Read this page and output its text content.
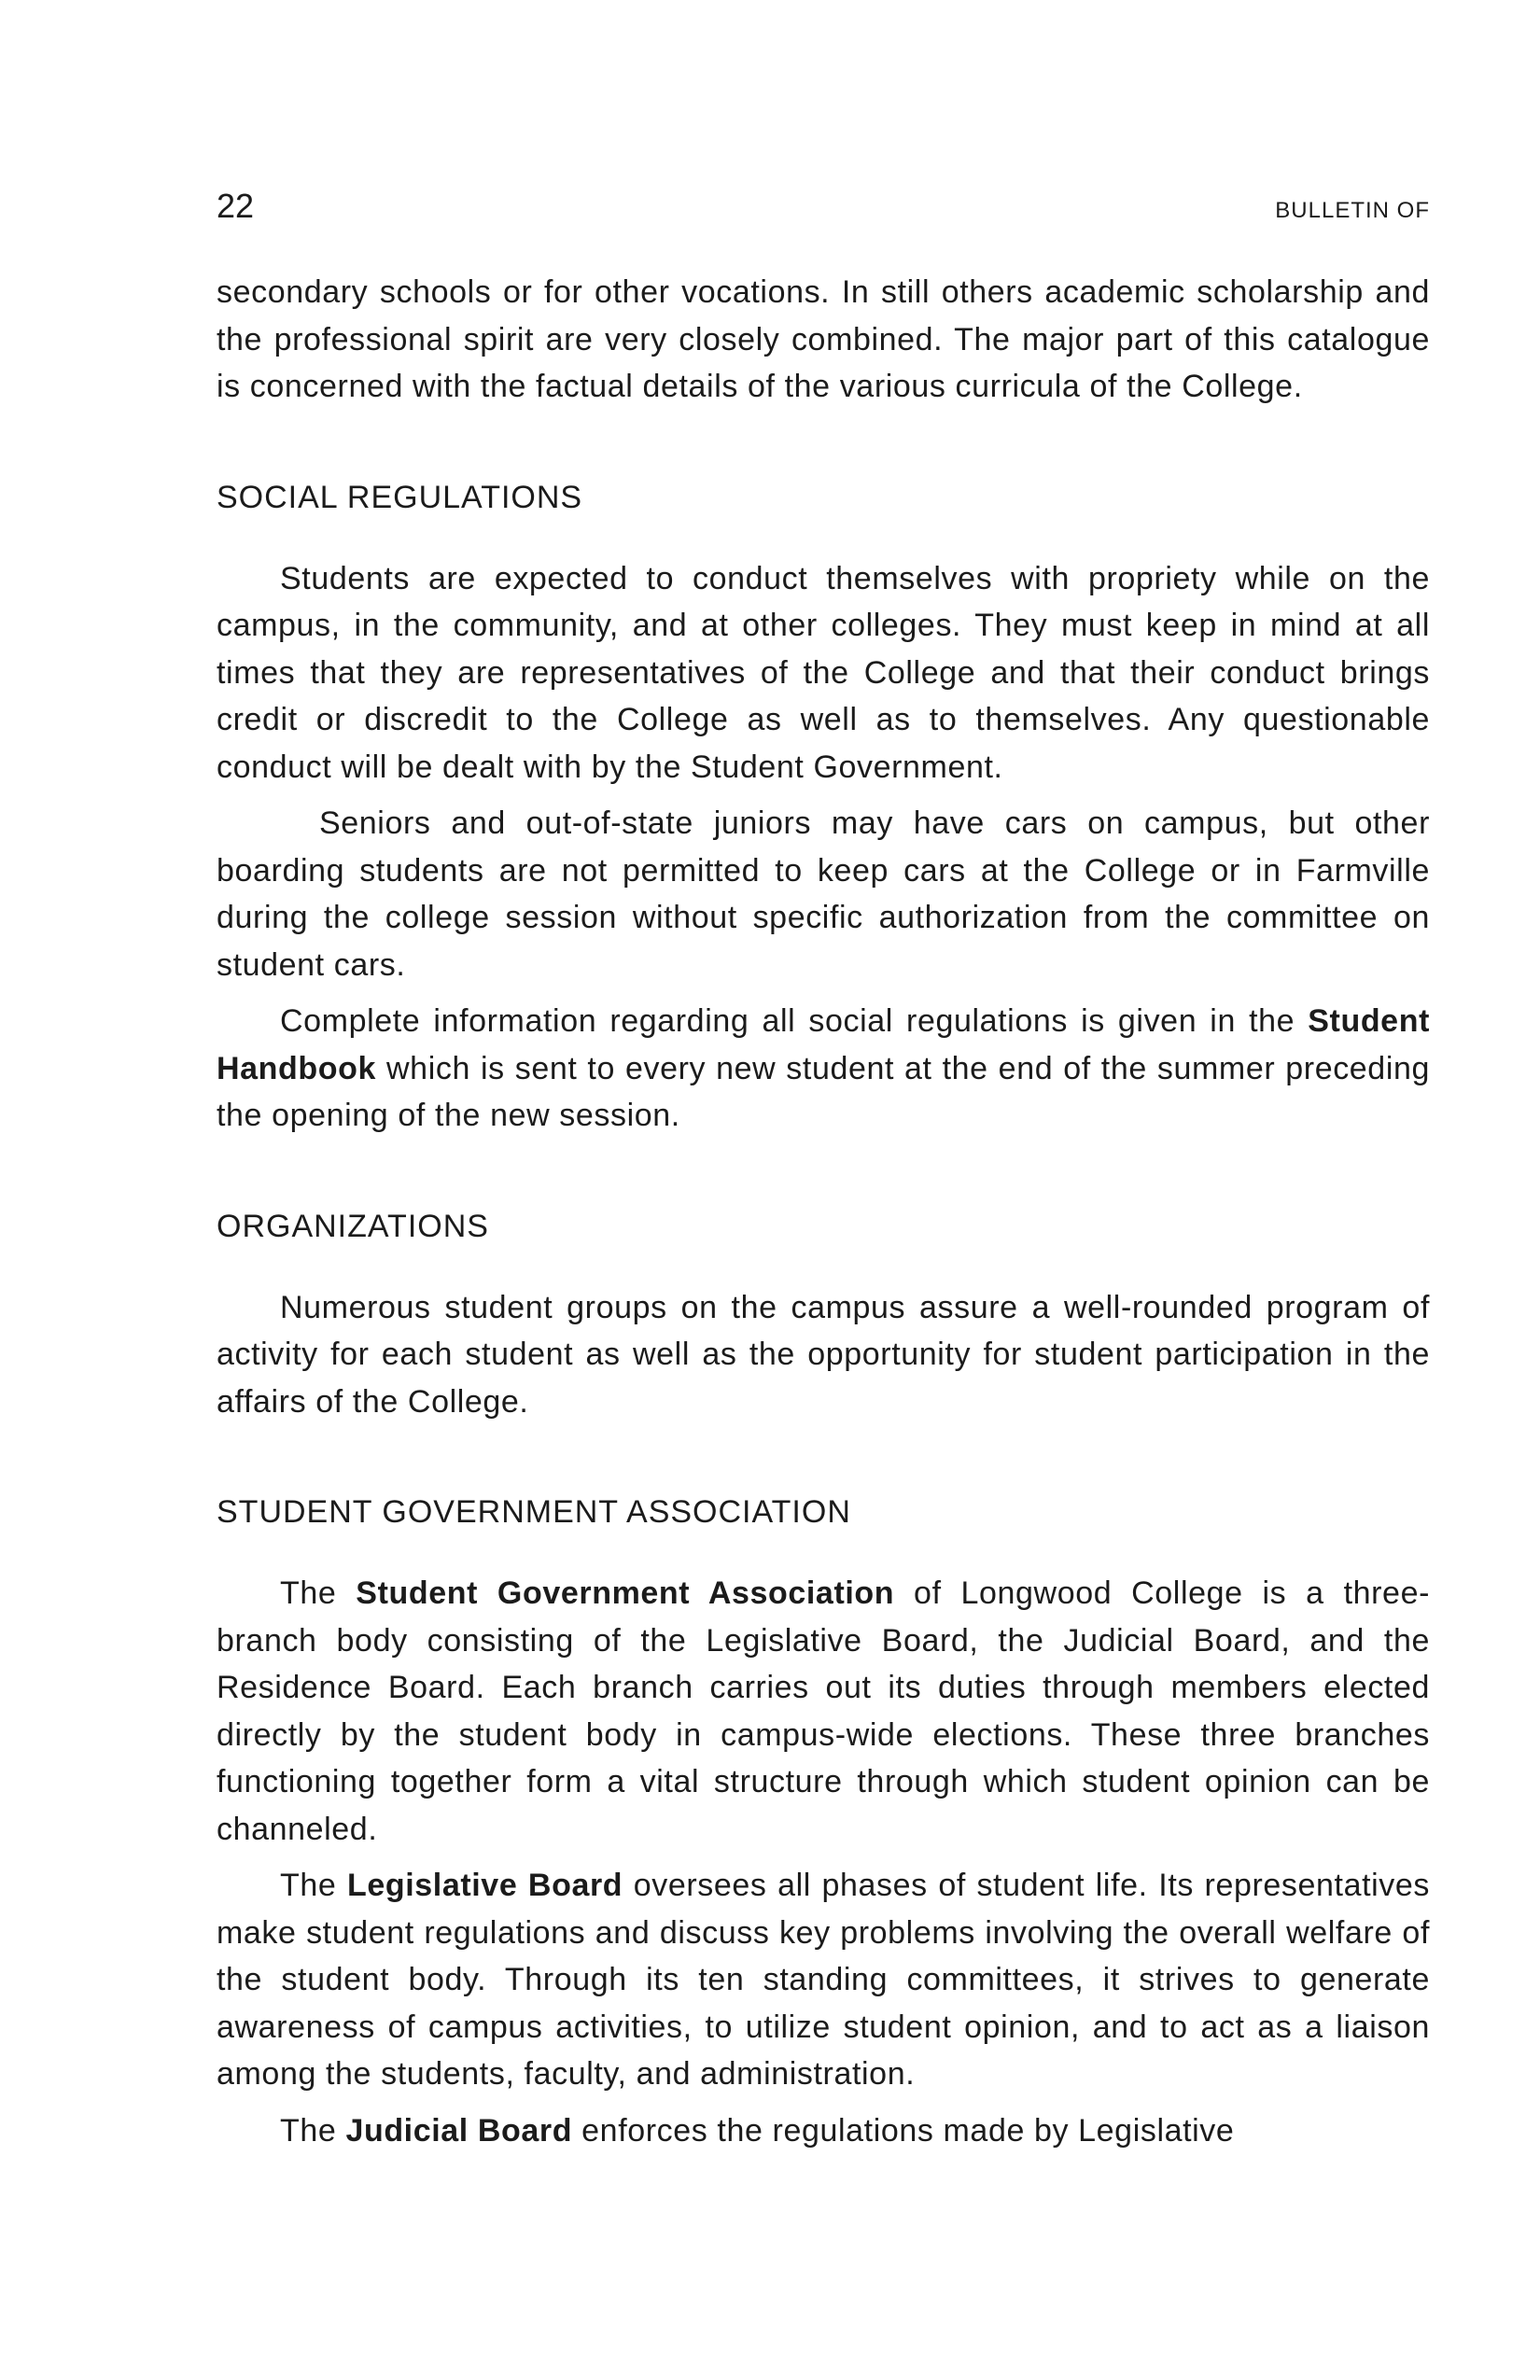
22	BULLETIN OF

secondary schools or for other vocations. In still others academic scholarship and the professional spirit are very closely combined. The major part of this catalogue is concerned with the factual details of the various curricula of the College.

SOCIAL REGULATIONS

Students are expected to conduct themselves with propriety while on the campus, in the community, and at other colleges. They must keep in mind at all times that they are representatives of the College and that their conduct brings credit or discredit to the College as well as to themselves. Any questionable conduct will be dealt with by the Student Government.

Seniors and out-of-state juniors may have cars on campus, but other boarding students are not permitted to keep cars at the College or in Farmville during the college session without specific authorization from the committee on student cars.

Complete information regarding all social regulations is given in the Student Handbook which is sent to every new student at the end of the summer preceding the opening of the new session.

ORGANIZATIONS

Numerous student groups on the campus assure a well-rounded program of activity for each student as well as the opportunity for student participation in the affairs of the College.

STUDENT GOVERNMENT ASSOCIATION

The Student Government Association of Longwood College is a three-branch body consisting of the Legislative Board, the Judicial Board, and the Residence Board. Each branch carries out its duties through members elected directly by the student body in campus-wide elections. These three branches functioning together form a vital structure through which student opinion can be channeled.

The Legislative Board oversees all phases of student life. Its representatives make student regulations and discuss key problems involving the overall welfare of the student body. Through its ten standing committees, it strives to generate awareness of campus activities, to utilize student opinion, and to act as a liaison among the students, faculty, and administration.

The Judicial Board enforces the regulations made by Legislative
